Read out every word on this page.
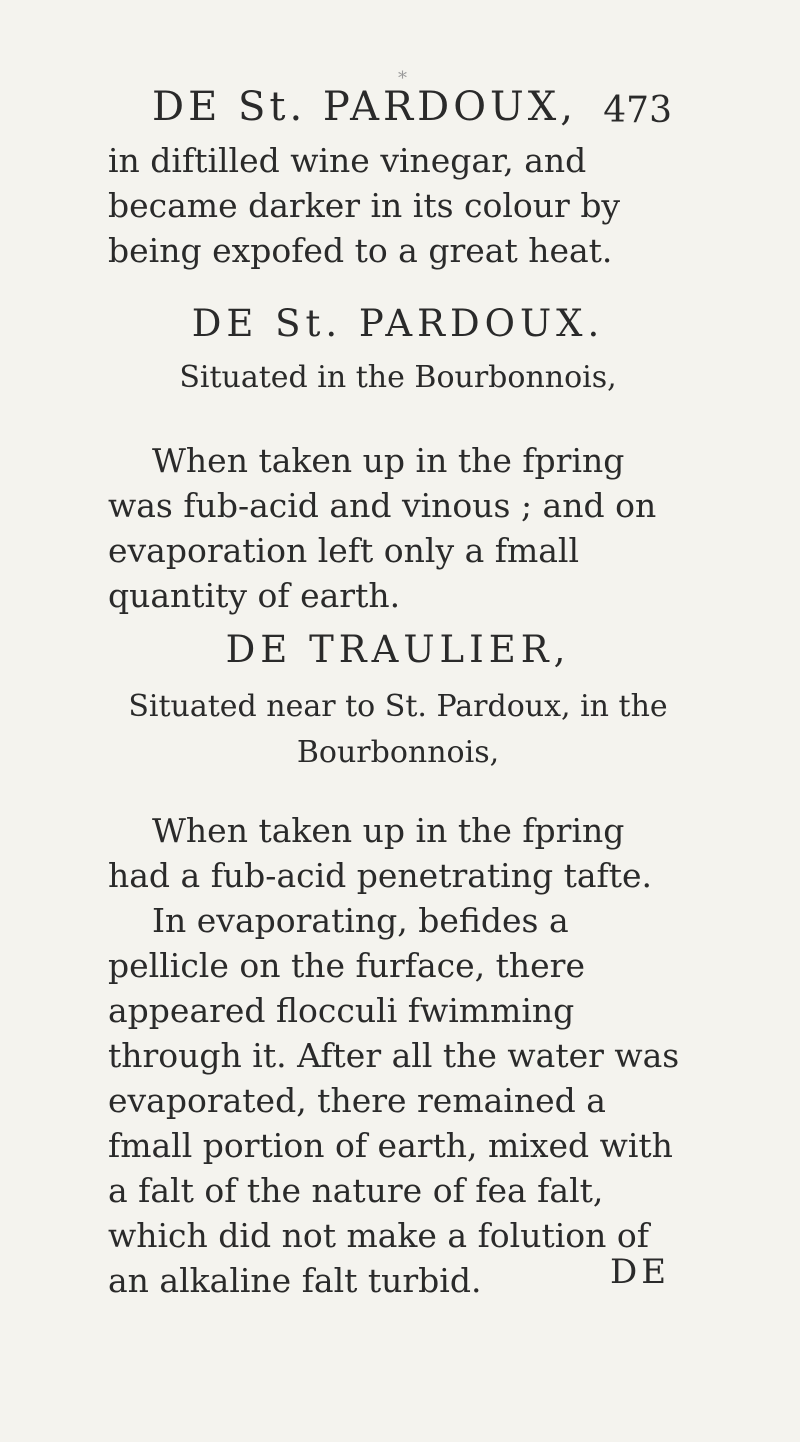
*
DE St. PARDOUX, 473

in diftilled wine vinegar, and became darker in its colour by being expofed to a great heat.

DE St. PARDOUX.
Situated in the Bourbonnois,

When taken up in the fpring was fub-acid and vinous ; and on evaporation left only a fmall quantity of earth.

DE TRAULIER,
Situated near to St. Pardoux, in the Bourbonnois,

When taken up in the fpring had a fub-acid penetrating tafte.

In evaporating, befides a pellicle on the furface, there appeared flocculi fwimming through it. After all the water was evaporated, there remained a fmall portion of earth, mixed with a falt of the nature of fea falt, which did not make a folution of an alkaline falt turbid.	DE
